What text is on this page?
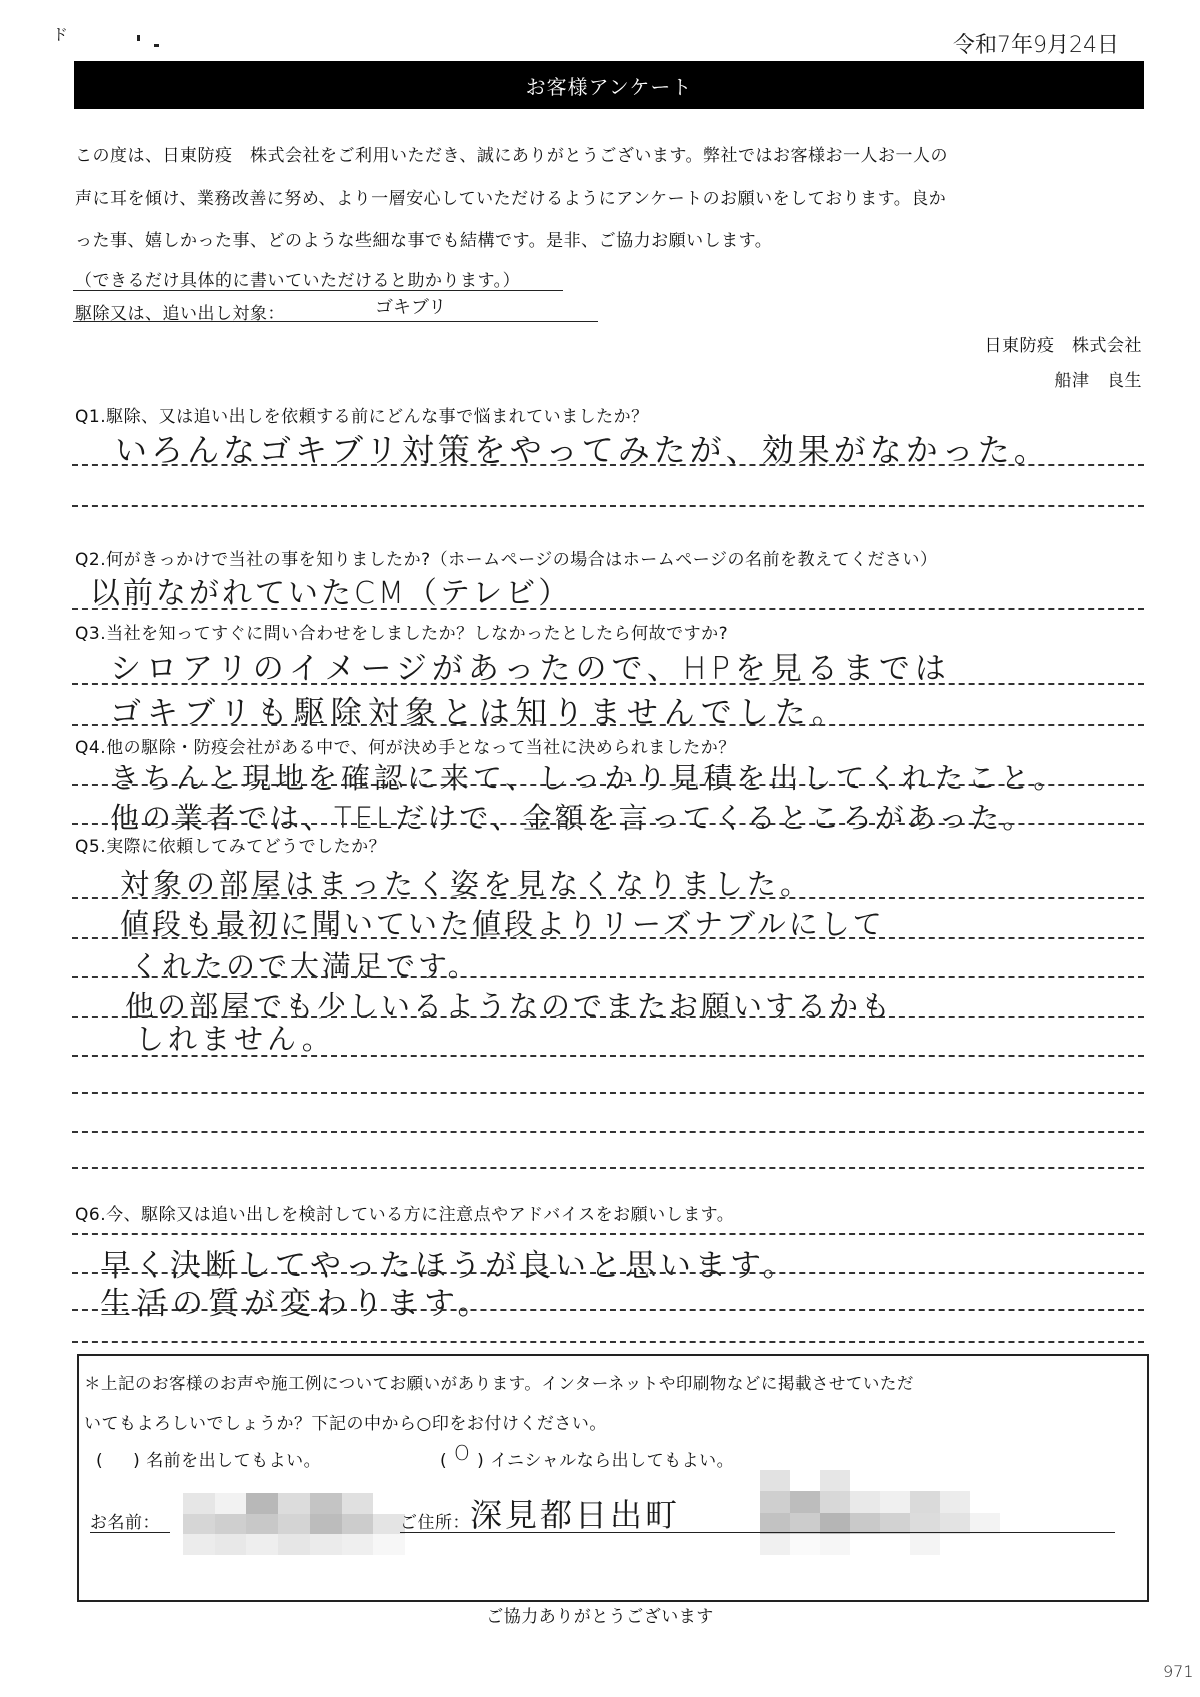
ド	令和7年9月24日
お客様アンケート
この度は、日東防疫　株式会社をご利用いただき、誠にありがとうございます。弊社ではお客様お一人お一人の
声に耳を傾け、業務改善に努め、より一層安心していただけるようにアンケートのお願いをしております。良か
った事、嬉しかった事、どのような些細な事でも結構です。是非、ご協力お願いします。
（できるだけ具体的に書いていただけると助かります。）
駆除又は、追い出し対象：	ゴキブリ
日東防疫　株式会社
船津　良生
Q1.駆除、又は追い出しを依頼する前にどんな事で悩まれていましたか？
いろんなゴキブリ対策をやってみたが、効果がなかった。
Q2.何がきっかけで当社の事を知りましたか?（ホームページの場合はホームページの名前を教えてください）
以前ながれていたCM（テレビ）
Q3.当社を知ってすぐに問い合わせをしましたか？しなかったとしたら何故ですか?
シロアリのイメージがあったので、HPを見るまでは
ゴキブリも駆除対象とは知りませんでした。
Q4.他の駆除・防疫会社がある中で、何が決め手となって当社に決められましたか？
きちんと現地を確認に来て、しっかり見積を出してくれたこと。
他の業者では、TELだけで、金額を言ってくるところがあった。
Q5.実際に依頼してみてどうでしたか？
対象の部屋はまったく姿を見なくなりました。
値段も最初に聞いていた値段よりリーズナブルにして
くれたので大満足です。
他の部屋でも少しいるようなのでまたお願いするかも
しれません。
Q6.今、駆除又は追い出しを検討している方に注意点やアドバイスをお願いします。
早く決断してやったほうが良いと思います。
生活の質が変わります。
＊上記のお客様のお声や施工例についてお願いがあります。インターネットや印刷物などに掲載させていただ
いてもよろしいでしょうか？下記の中から○印をお付けください。
( ) 名前を出してもよい。	( O ) イニシャルなら出してもよい。
お名前：	ご住所： 深見都日出町
ご協力ありがとうございます
971
